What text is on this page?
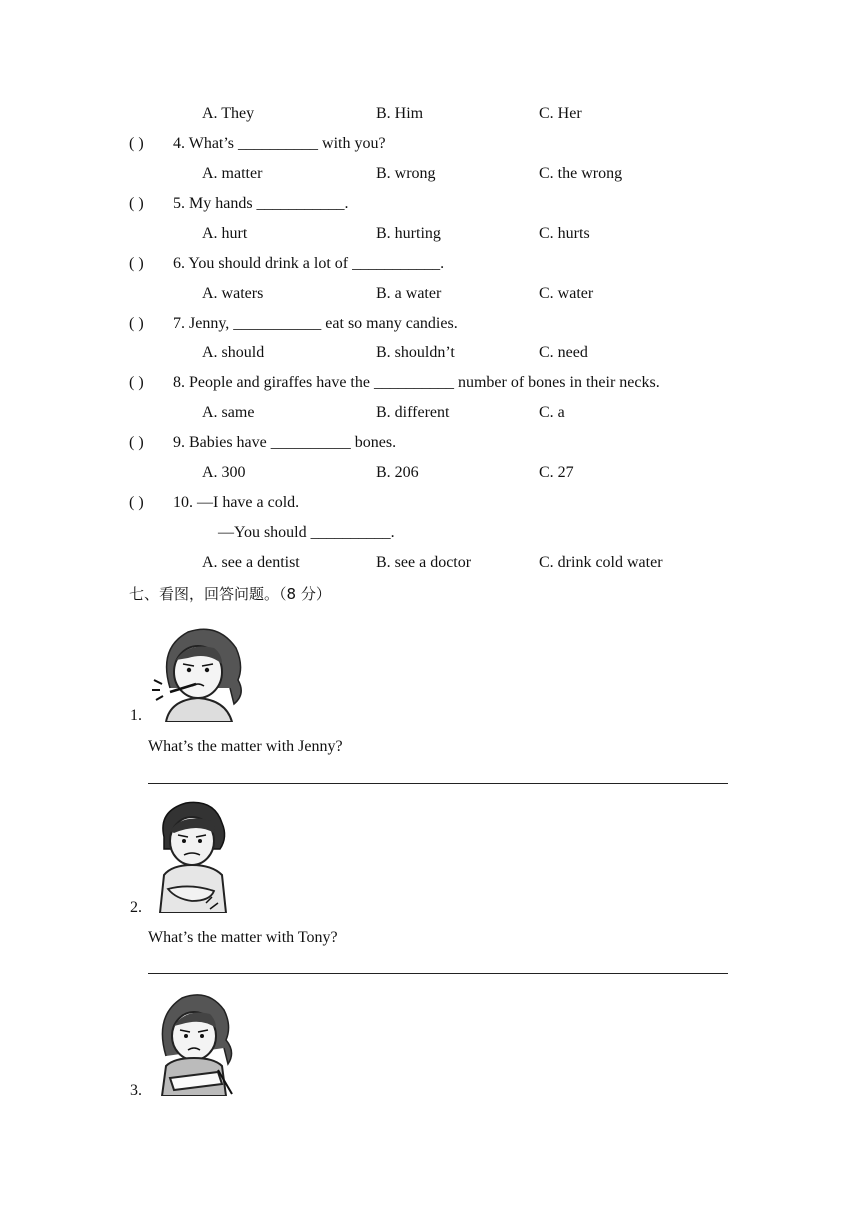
A. They	B. Him	C. Her
( ) 4. What’s __________ with you?
A. matter	B. wrong	C. the wrong
( ) 5. My hands ___________.
A. hurt	B. hurting	C. hurts
( ) 6. You should drink a lot of ___________.
A. waters	B. a water	C. water
( ) 7. Jenny, ___________ eat so many candies.
A. should	B. shouldn’t	C. need
( ) 8. People and giraffes have the __________ number of bones in their necks.
A. same	B. different	C. a
( ) 9. Babies have __________ bones.
A. 300	B. 206	C. 27
( ) 10. —I have a cold.
—You should __________.
A. see a dentist	B. see a doctor	C. drink cold water
七、看图，回答问题。（8 分）
1.
What’s the matter with Jenny?
2.
What’s the matter with Tony?
3.
